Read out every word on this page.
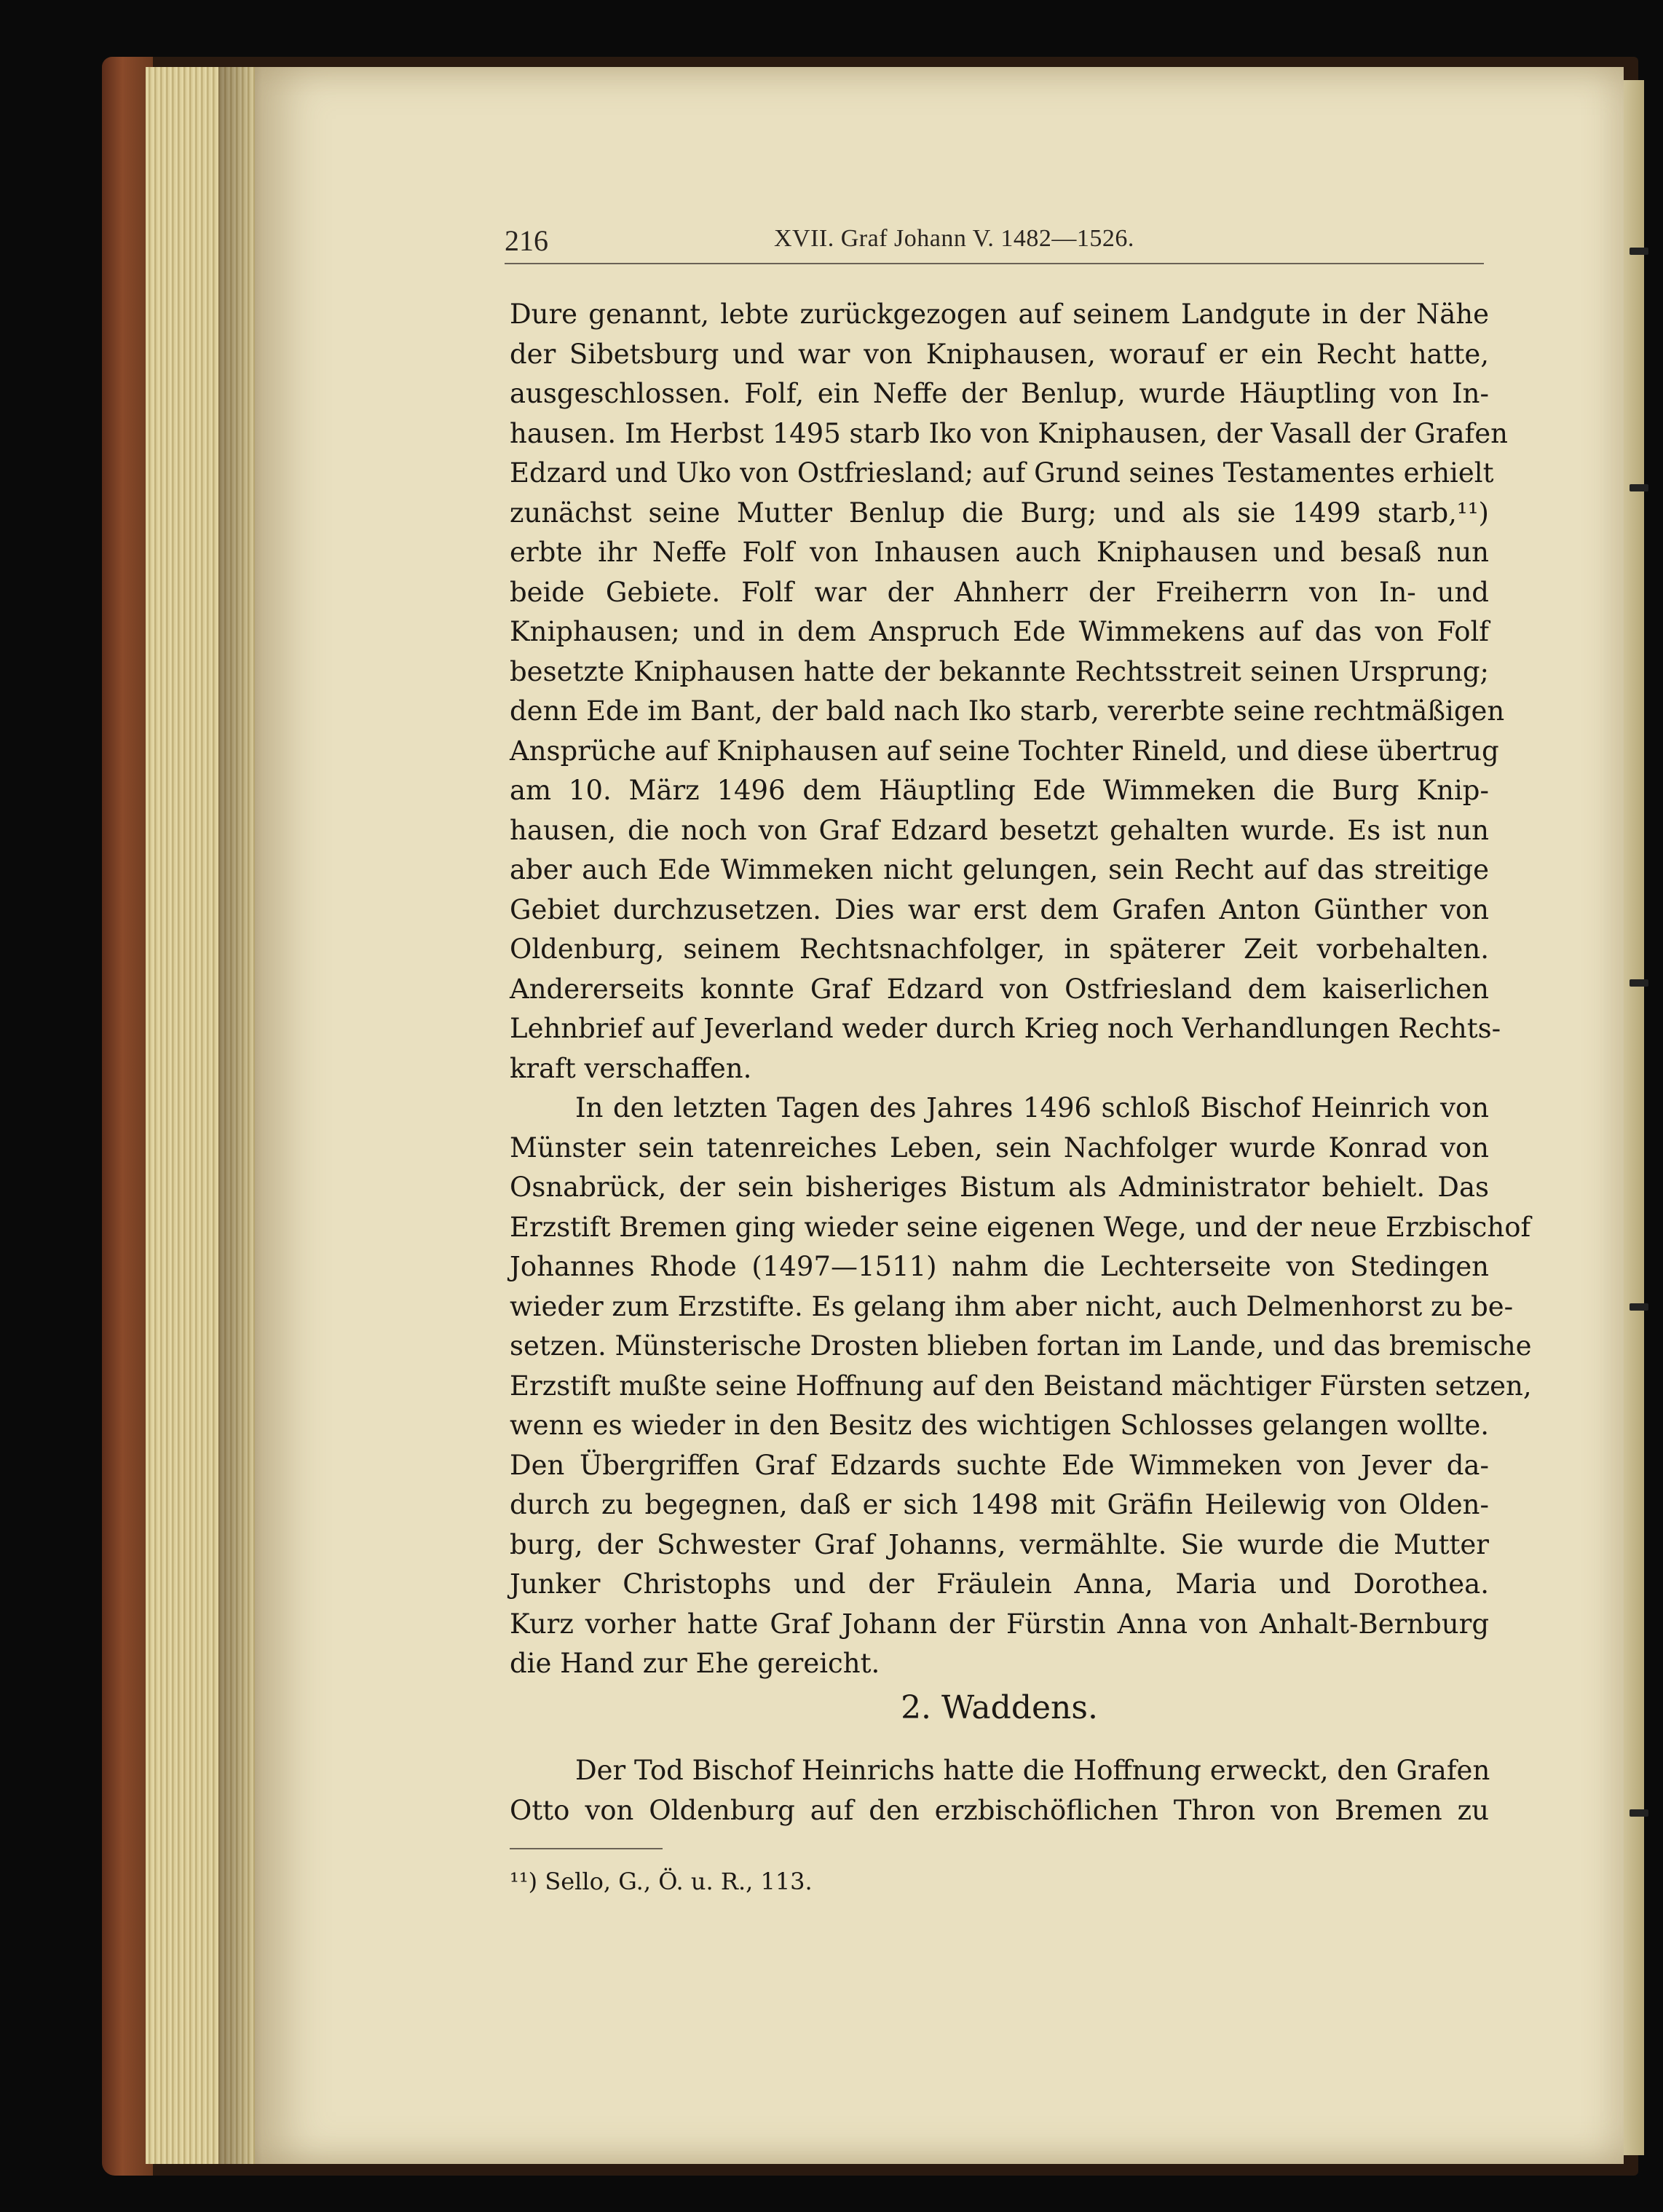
216	XVII. Graf Johann V. 1482—1526.
Dure genannt, lebte zurückgezogen auf seinem Landgute in der Nähe
der Sibetsburg und war von Kniphausen, worauf er ein Recht hatte,
ausgeschlossen. Folf, ein Neffe der Benlup, wurde Häuptling von In-
hausen. Im Herbst 1495 starb Iko von Kniphausen, der Vasall der Grafen
Edzard und Uko von Ostfriesland; auf Grund seines Testamentes erhielt
zunächst seine Mutter Benlup die Burg; und als sie 1499 starb,¹¹)
erbte ihr Neffe Folf von Inhausen auch Kniphausen und besaß nun
beide Gebiete. Folf war der Ahnherr der Freiherrn von In- und
Kniphausen; und in dem Anspruch Ede Wimmekens auf das von Folf
besetzte Kniphausen hatte der bekannte Rechtsstreit seinen Ursprung;
denn Ede im Bant, der bald nach Iko starb, vererbte seine rechtmäßigen
Ansprüche auf Kniphausen auf seine Tochter Rineld, und diese übertrug
am 10. März 1496 dem Häuptling Ede Wimmeken die Burg Knip-
hausen, die noch von Graf Edzard besetzt gehalten wurde. Es ist nun
aber auch Ede Wimmeken nicht gelungen, sein Recht auf das streitige
Gebiet durchzusetzen. Dies war erst dem Grafen Anton Günther von
Oldenburg, seinem Rechtsnachfolger, in späterer Zeit vorbehalten.
Andererseits konnte Graf Edzard von Ostfriesland dem kaiserlichen
Lehnbrief auf Jeverland weder durch Krieg noch Verhandlungen Rechts-
kraft verschaffen.
In den letzten Tagen des Jahres 1496 schloß Bischof Heinrich von
Münster sein tatenreiches Leben, sein Nachfolger wurde Konrad von
Osnabrück, der sein bisheriges Bistum als Administrator behielt. Das
Erzstift Bremen ging wieder seine eigenen Wege, und der neue Erzbischof
Johannes Rhode (1497—1511) nahm die Lechterseite von Stedingen
wieder zum Erzstifte. Es gelang ihm aber nicht, auch Delmenhorst zu be-
setzen. Münsterische Drosten blieben fortan im Lande, und das bremische
Erzstift mußte seine Hoffnung auf den Beistand mächtiger Fürsten setzen,
wenn es wieder in den Besitz des wichtigen Schlosses gelangen wollte.
Den Übergriffen Graf Edzards suchte Ede Wimmeken von Jever da-
durch zu begegnen, daß er sich 1498 mit Gräfin Heilewig von Olden-
burg, der Schwester Graf Johanns, vermählte. Sie wurde die Mutter
Junker Christophs und der Fräulein Anna, Maria und Dorothea.
Kurz vorher hatte Graf Johann der Fürstin Anna von Anhalt-Bernburg
die Hand zur Ehe gereicht.
2. Waddens.
Der Tod Bischof Heinrichs hatte die Hoffnung erweckt, den Grafen
Otto von Oldenburg auf den erzbischöflichen Thron von Bremen zu
¹¹) Sello, G., Ö. u. R., 113.
